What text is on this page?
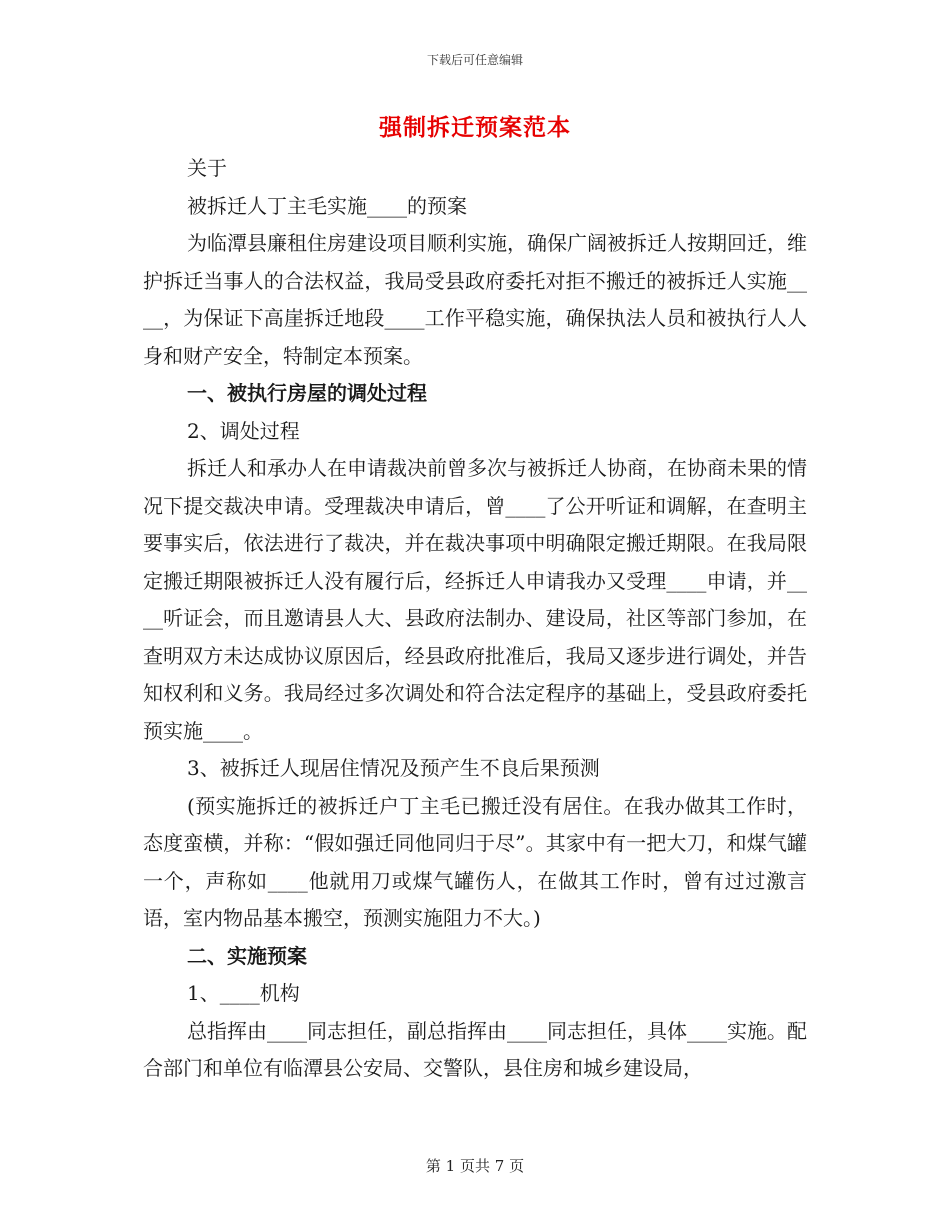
下载后可任意编辑
强制拆迁预案范本

关于

被拆迁人丁主毛实施____的预案

为临潭县廉租住房建设项目顺利实施，确保广阔被拆迁人按期回迁，维护拆迁当事人的合法权益，我局受县政府委托对拒不搬迁的被拆迁人实施____，为保证下高崖拆迁地段____工作平稳实施，确保执法人员和被执行人人身和财产安全，特制定本预案。

一、被执行房屋的调处过程

2、调处过程

拆迁人和承办人在申请裁决前曾多次与被拆迁人协商，在协商未果的情况下提交裁决申请。受理裁决申请后，曾____了公开听证和调解，在查明主要事实后，依法进行了裁决，并在裁决事项中明确限定搬迁期限。在我局限定搬迁期限被拆迁人没有履行后，经拆迁人申请我办又受理____申请，并____听证会，而且邀请县人大、县政府法制办、建设局，社区等部门参加，在查明双方未达成协议原因后，经县政府批准后，我局又逐步进行调处，并告知权利和义务。我局经过多次调处和符合法定程序的基础上，受县政府委托预实施____。

3、被拆迁人现居住情况及预产生不良后果预测

(预实施拆迁的被拆迁户丁主毛已搬迁没有居住。在我办做其工作时，态度蛮横，并称：“假如强迁同他同归于尽”。其家中有一把大刀，和煤气罐一个，声称如____他就用刀或煤气罐伤人，在做其工作时，曾有过过激言语，室内物品基本搬空，预测实施阻力不大。)

二、实施预案

1、____机构

总指挥由____同志担任，副总指挥由____同志担任，具体____实施。配合部门和单位有临潭县公安局、交警队，县住房和城乡建设局，

第 1 页共 7 页
